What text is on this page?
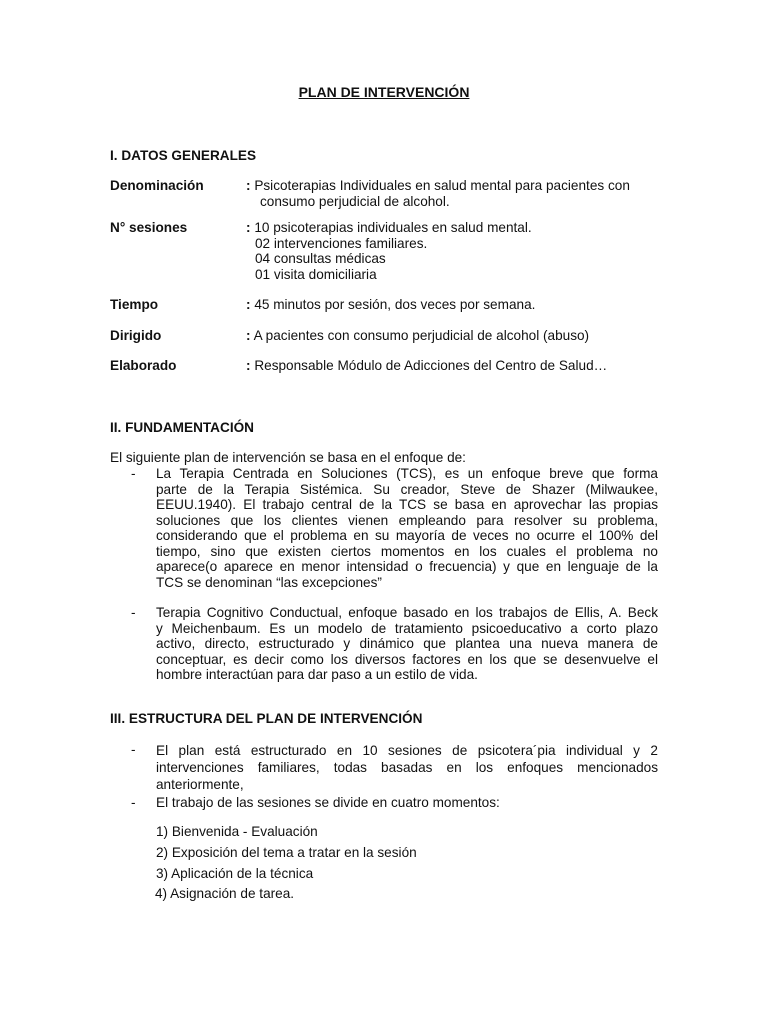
PLAN DE INTERVENCIÓN
I. DATOS GENERALES
Denominación	: Psicoterapias Individuales en salud mental para pacientes con
consumo perjudicial de alcohol.
N° sesiones	: 10 psicoterapias individuales en salud mental.
02 intervenciones familiares.
04 consultas médicas
01 visita domiciliaria
Tiempo	: 45 minutos por sesión, dos veces por semana.
Dirigido	: A pacientes con consumo perjudicial de alcohol (abuso)
Elaborado	: Responsable Módulo de Adicciones del Centro de Salud…
II. FUNDAMENTACIÓN
El siguiente plan de intervención se basa en el enfoque de:
- La Terapia Centrada en Soluciones (TCS), es un enfoque breve que forma
parte de la Terapia Sistémica. Su creador, Steve de Shazer (Milwaukee,
EEUU.1940). El trabajo central de la TCS se basa en aprovechar las propias
soluciones que los clientes vienen empleando para resolver su problema,
considerando que el problema en su mayoría de veces no ocurre el 100% del
tiempo, sino que existen ciertos momentos en los cuales el problema no
aparece(o aparece en menor intensidad o frecuencia) y que en lenguaje de la
TCS se denominan “las excepciones”
- Terapia Cognitivo Conductual, enfoque basado en los trabajos de Ellis, A. Beck
y Meichenbaum. Es un modelo de tratamiento psicoeducativo a corto plazo
activo, directo, estructurado y dinámico que plantea una nueva manera de
conceptuar, es decir como los diversos factores en los que se desenvuelve el
hombre interactúan para dar paso a un estilo de vida.
III. ESTRUCTURA DEL PLAN DE INTERVENCIÓN
- El plan está estructurado en 10 sesiones de psicotera´pia individual y 2
intervenciones familiares, todas basadas en los enfoques mencionados
anteriormente,
- El trabajo de las sesiones se divide en cuatro momentos:
1) Bienvenida - Evaluación
2) Exposición del tema a tratar en la sesión
3) Aplicación de la técnica
4) Asignación de tarea.
